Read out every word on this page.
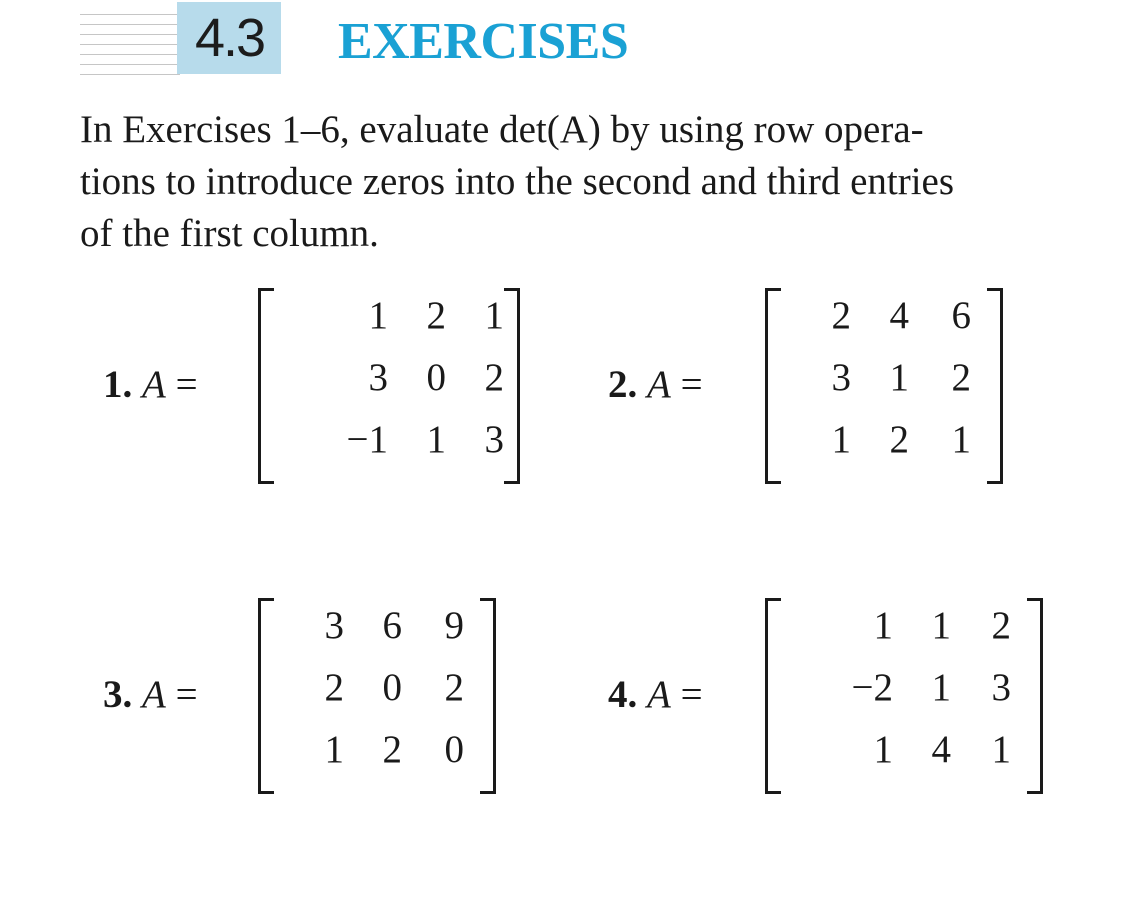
4.3 EXERCISES
In Exercises 1–6, evaluate det(A) by using row opera-
tions to introduce zeros into the second and third entries
of the first column.
1. A =
1 2 1
3 0 2
−1 1 3
2. A =
2 4	6
3 1	2
1 2	1
3. A =
3 6	9
2 0	2
1 2	0
4. A =
1 1	2
−2 1	3
1 4	1
